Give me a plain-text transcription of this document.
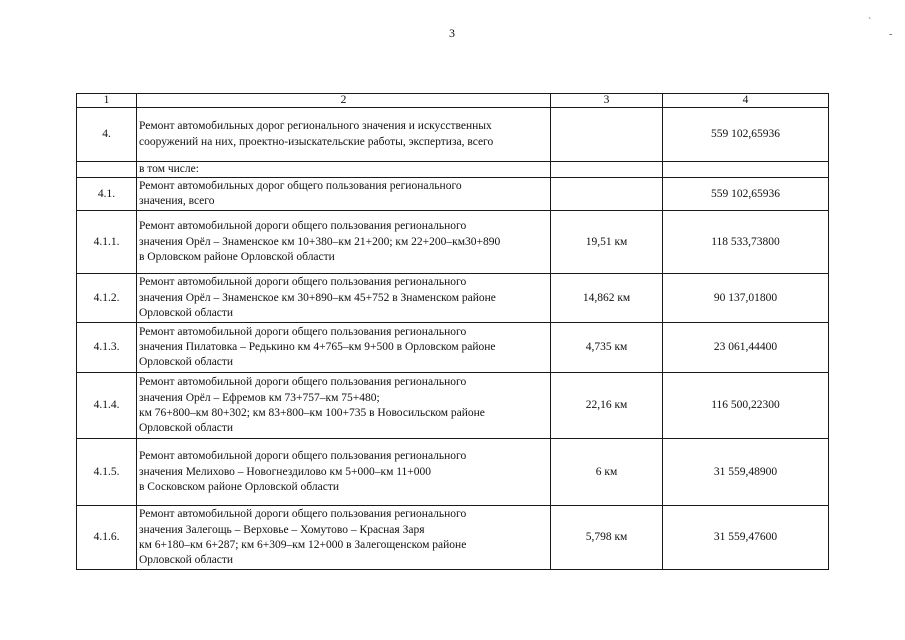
3
`
-
1	2	3	4
4.	Ремонт автомобильных дорог регионального значения и искусственных
сооружений на них, проектно-изыскательские работы, экспертиза, всего		559 102,65936

	в том числе:		

4.1.	Ремонт автомобильных дорог общего пользования регионального
значения, всего		559 102,65936
4.1.1.	Ремонт автомобильной дороги общего пользования регионального
значения Орёл – Знаменское км 10+380–км 21+200; км 22+200–км30+890
в Орловском районе Орловской области	19,51 км	118 533,73800
4.1.2.	Ремонт автомобильной дороги общего пользования регионального
значения Орёл – Знаменское км 30+890–км 45+752 в Знаменском районе
Орловской области	14,862 км	90 137,01800
4.1.3.	Ремонт автомобильной дороги общего пользования регионального
значения Пилатовка – Редькино км 4+765–км 9+500 в Орловском районе
Орловской области	4,735 км	23 061,44400
4.1.4.	Ремонт автомобильной дороги общего пользования регионального
значения Орёл – Ефремов км 73+757–км 75+480;
км 76+800–км 80+302; км 83+800–км 100+735 в Новосильском районе
Орловской области	22,16 км	116 500,22300
4.1.5.	Ремонт автомобильной дороги общего пользования регионального
значения Мелихово – Новогнездилово км 5+000–км 11+000
в Сосковском районе Орловской области	6 км	31 559,48900
4.1.6.	Ремонт автомобильной дороги общего пользования регионального
значения Залегощь – Верховье – Хомутово – Красная Заря
км 6+180–км 6+287; км 6+309–км 12+000 в Залегощенском районе
Орловской области	5,798 км	31 559,47600
